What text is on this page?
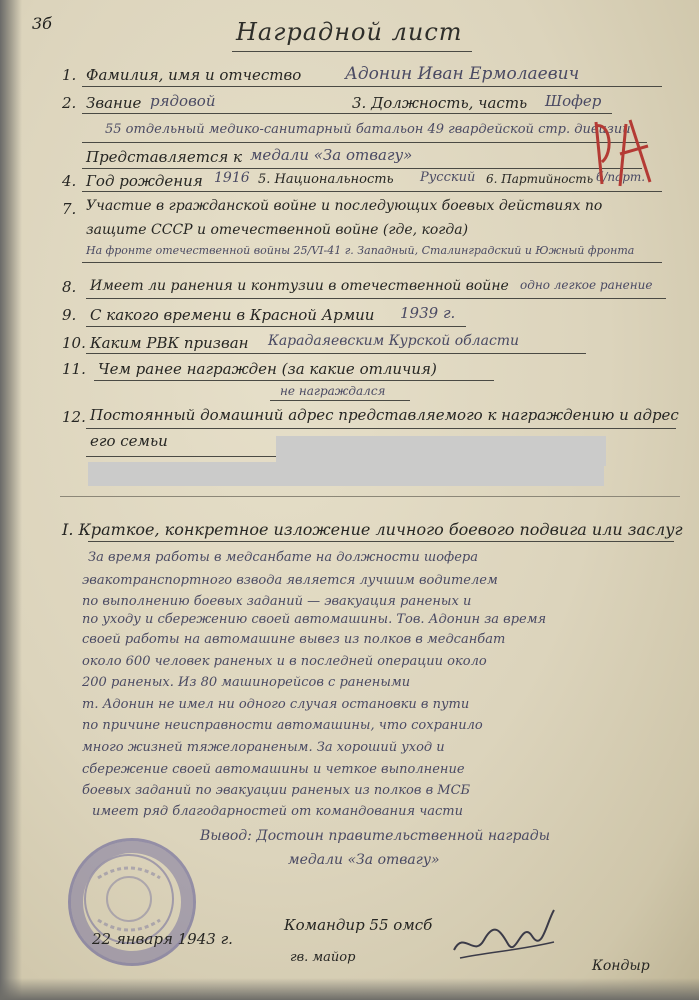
3б	Наградной лист
1. Фамилия, имя и отчество	Адонин Иван Ермолаевич
2. Звание рядовой	3. Должность, часть Шофер
55 отдельный медико-санитарный батальон 49 гвардейской стр. дивизии
Представляется к медали «За отвагу»
4. Год рождения 1916 5. Национальность Русский 6. Партийность б/парт.
7. Участие в гражданской войне и последующих боевых действиях по защите СССР и отечественной войне (где, когда)
На фронте отечественной войны 25/VI-41 г. Западный, Сталинградский и Южный фронта
8. Имеет ли ранения и контузии в отечественной войне одно легкое ранение
9. С какого времени в Красной Армии 1939 г.
10. Каким РВК призван Карадаяевским Курской области
11. Чем ранее награжден (за какие отличия)
не награждался
12. Постоянный домашний адрес представляемого к награждению и адрес его семьи
I. Краткое, конкретное изложение личного боевого подвига или заслуг
За время работы в медсанбате на должности шофера
эвакотранспортного взвода является лучшим водителем
по выполнению боевых заданий — эвакуация раненых и
по уходу и сбережению своей автомашины. Тов. Адонин за время
своей работы на автомашине вывез из полков в медсанбат
около 600 человек раненых и в последней операции около
200 раненых. Из 80 машинорейсов с ранеными
т. Адонин не имел ни одного случая остановки в пути
по причине неисправности автомашины, что сохранило
много жизней тяжелораненым. За хороший уход и
сбережение своей автомашины и четкое выполнение
боевых заданий по эвакуации раненых из полков в МСБ
имеет ряд благодарностей от командования части
Вывод: Достоин правительственной награды
медали «За отвагу»
22 января 1943 г.
Командир 55 омсб
гв. майор
Кондыр
